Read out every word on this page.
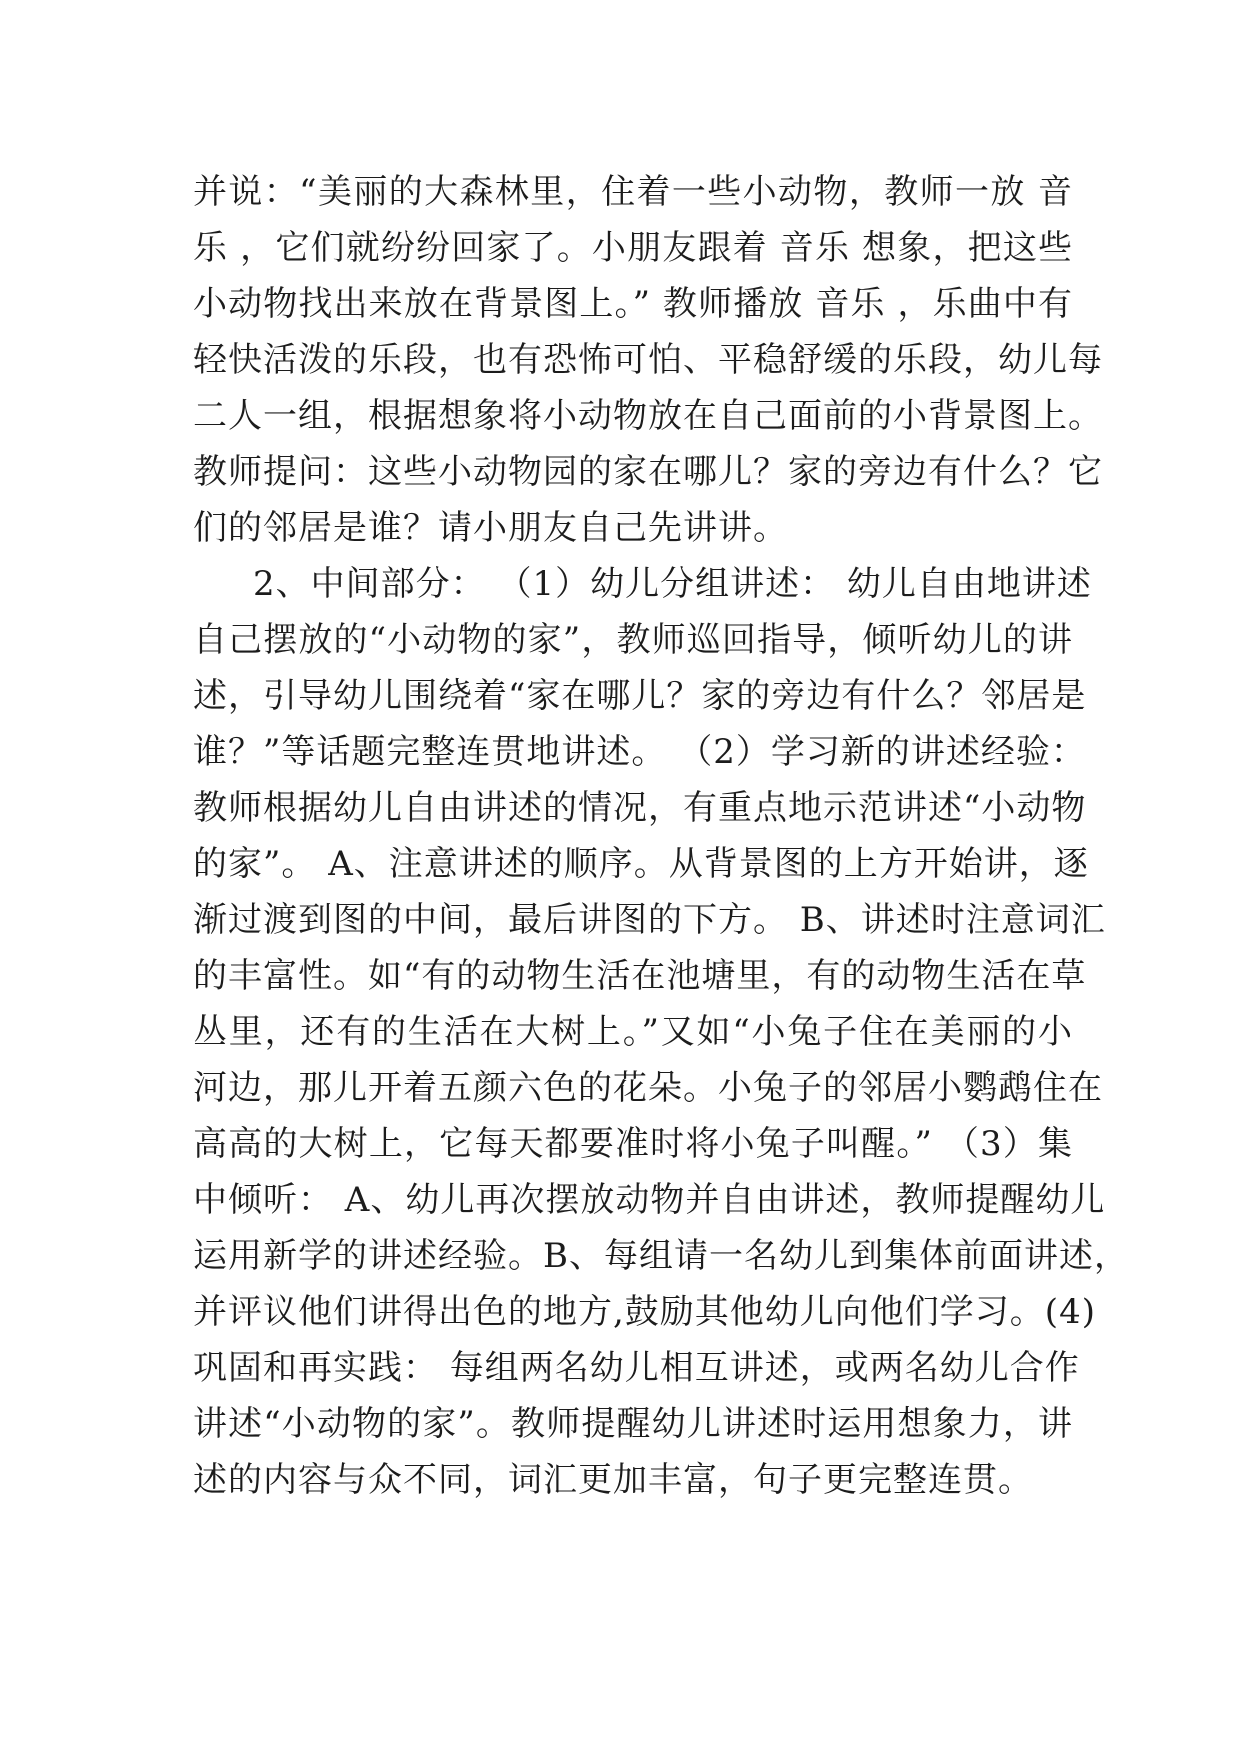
并说：“美丽的大森林里，住着一些小动物，教师一放 音
乐 ，它们就纷纷回家了。小朋友跟着 音乐 想象，把这些
小动物找出来放在背景图上。” 教师播放 音乐 ，乐曲中有
轻快活泼的乐段，也有恐怖可怕、平稳舒缓的乐段，幼儿每
二人一组，根据想象将小动物放在自己面前的小背景图上。
教师提问：这些小动物园的家在哪儿？家的旁边有什么？它
们的邻居是谁？请小朋友自己先讲讲。
2、中间部分： （1）幼儿分组讲述： 幼儿自由地讲述
自己摆放的“小动物的家”，教师巡回指导，倾听幼儿的讲
述，引导幼儿围绕着“家在哪儿？家的旁边有什么？邻居是
谁？”等话题完整连贯地讲述。 （2）学习新的讲述经验：
教师根据幼儿自由讲述的情况，有重点地示范讲述“小动物
的家”。 A、注意讲述的顺序。从背景图的上方开始讲，逐
渐过渡到图的中间，最后讲图的下方。 B、讲述时注意词汇
的丰富性。如“有的动物生活在池塘里，有的动物生活在草
丛里，还有的生活在大树上。”又如“小兔子住在美丽的小
河边，那儿开着五颜六色的花朵。小兔子的邻居小鹦鹉住在
高高的大树上，它每天都要准时将小兔子叫醒。” （3）集
中倾听： A、幼儿再次摆放动物并自由讲述，教师提醒幼儿
运用新学的讲述经验。B、每组请一名幼儿到集体前面讲述，
并评议他们讲得出色的地方,鼓励其他幼儿向他们学习。(4)
巩固和再实践： 每组两名幼儿相互讲述，或两名幼儿合作
讲述“小动物的家”。教师提醒幼儿讲述时运用想象力，讲
述的内容与众不同，词汇更加丰富，句子更完整连贯。
